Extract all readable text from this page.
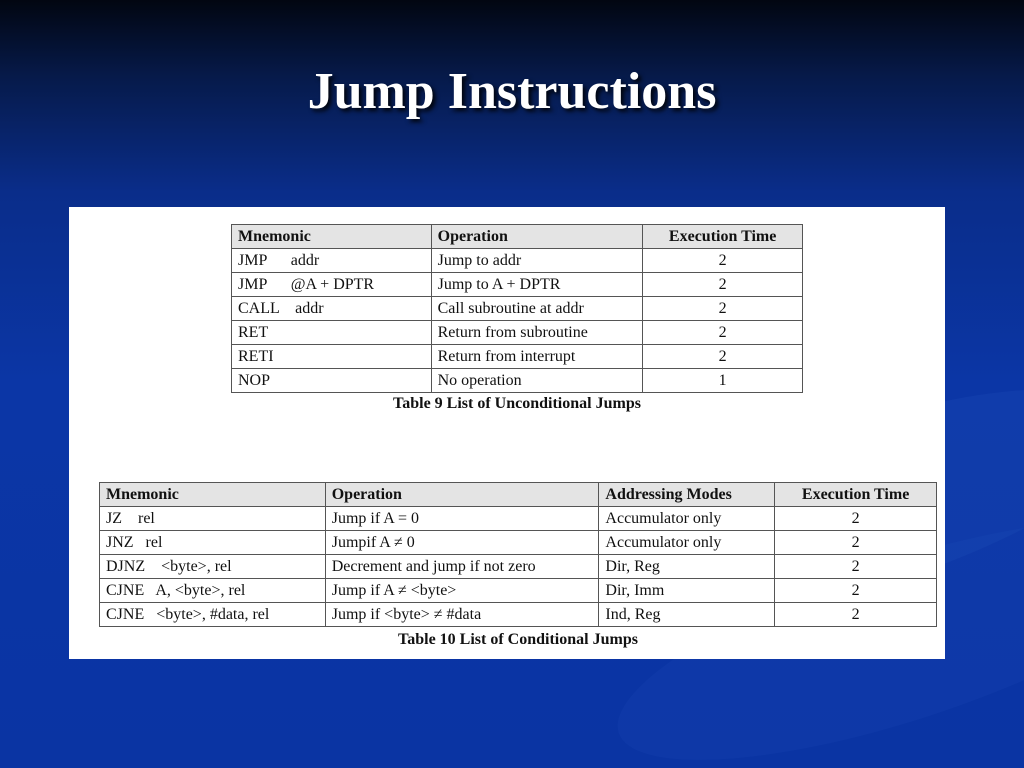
Jump Instructions
Mnemonic	Operation	Execution Time
JMP      addr	Jump to addr	2
JMP      @A + DPTR	Jump to A + DPTR	2
CALL    addr	Call subroutine at addr	2
RET	Return from subroutine	2
RETI	Return from interrupt	2
NOP	No operation	1
Table 9 List of Unconditional Jumps
Mnemonic	Operation	Addressing Modes	Execution Time
JZ    rel	Jump if A = 0	Accumulator only	2
JNZ   rel	Jumpif A ≠ 0	Accumulator only	2
DJNZ    <byte>, rel	Decrement and jump if not zero	Dir, Reg	2
CJNE   A, <byte>, rel	Jump if A ≠ <byte>	Dir, Imm	2
CJNE   <byte>, #data, rel	Jump if <byte> ≠ #data	Ind, Reg	2
Table 10 List of Conditional Jumps
